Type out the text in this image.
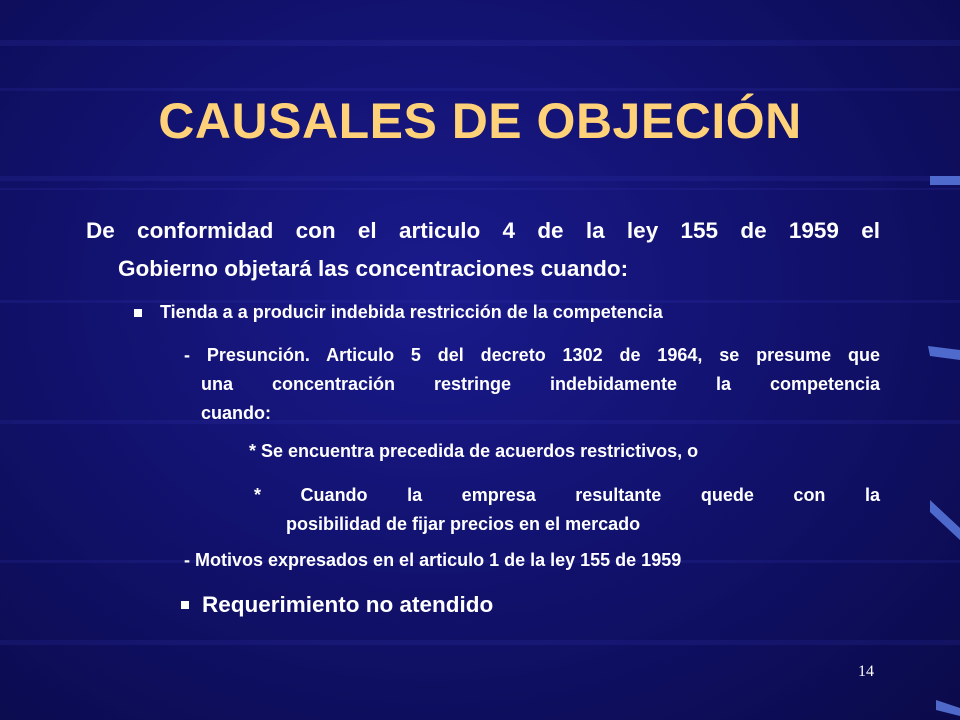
CAUSALES DE OBJECIÓN
De conformidad con el articulo 4 de la ley 155 de 1959 el
Gobierno objetará las concentraciones cuando:
Tienda a a producir indebida restricción de la competencia
- Presunción. Articulo 5 del decreto 1302 de 1964, se presume que
una concentración restringe indebidamente la competencia
cuando:
* Se encuentra precedida de acuerdos restrictivos, o
* Cuando la empresa resultante quede con la
posibilidad de fijar precios en el mercado
- Motivos expresados en el articulo 1 de la ley 155 de 1959
Requerimiento no atendido
14
